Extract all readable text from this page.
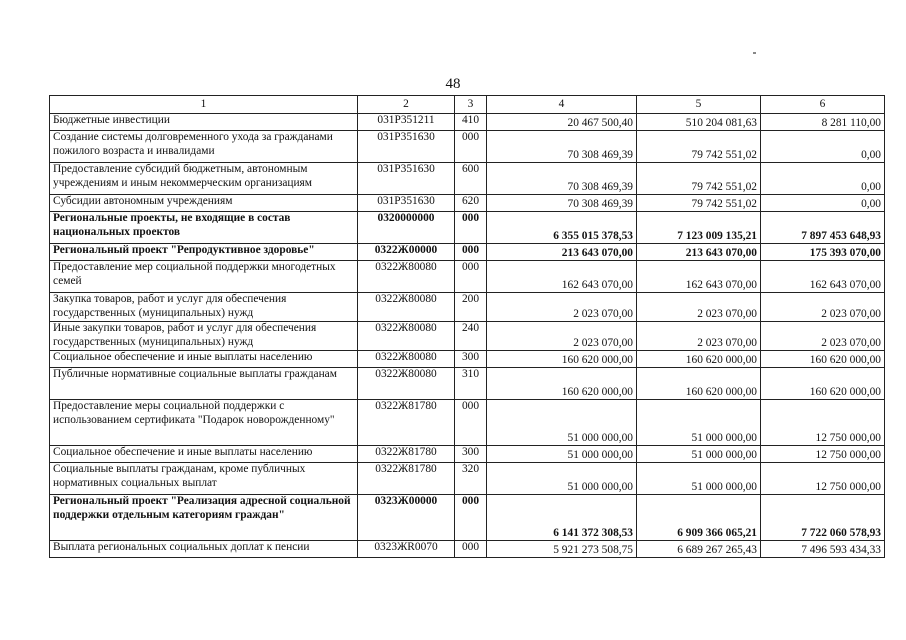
48
1	2	3	4	5	6
Бюджетные инвестиции	031Р351211	410	20 467 500,40	510 204 081,63	8 281 110,00
Создание системы долговременного ухода за гражданами пожилого возраста и инвалидами	031Р351630	000	70 308 469,39	79 742 551,02	0,00
Предоставление субсидий бюджетным, автономным учреждениям и иным некоммерческим организациям	031Р351630	600	70 308 469,39	79 742 551,02	0,00
Субсидии автономным учреждениям	031Р351630	620	70 308 469,39	79 742 551,02	0,00
Региональные проекты, не входящие в состав национальных проектов	0320000000	000	6 355 015 378,53	7 123 009 135,21	7 897 453 648,93
Региональный проект "Репродуктивное здоровье"	0322Ж00000	000	213 643 070,00	213 643 070,00	175 393 070,00
Предоставление мер социальной поддержки многодетных семей	0322Ж80080	000	162 643 070,00	162 643 070,00	162 643 070,00
Закупка товаров, работ и услуг для обеспечения государственных (муниципальных) нужд	0322Ж80080	200	2 023 070,00	2 023 070,00	2 023 070,00
Иные закупки товаров, работ и услуг для обеспечения государственных (муниципальных) нужд	0322Ж80080	240	2 023 070,00	2 023 070,00	2 023 070,00
Социальное обеспечение и иные выплаты населению	0322Ж80080	300	160 620 000,00	160 620 000,00	160 620 000,00
Публичные нормативные социальные выплаты гражданам	0322Ж80080	310	160 620 000,00	160 620 000,00	160 620 000,00
Предоставление меры социальной поддержки с использованием сертификата "Подарок новорожденному"	0322Ж81780	000	51 000 000,00	51 000 000,00	12 750 000,00
Социальное обеспечение и иные выплаты населению	0322Ж81780	300	51 000 000,00	51 000 000,00	12 750 000,00
Социальные выплаты гражданам, кроме публичных нормативных социальных выплат	0322Ж81780	320	51 000 000,00	51 000 000,00	12 750 000,00
Региональный проект "Реализация адресной социальной поддержки отдельным категориям граждан"	0323Ж00000	000	6 141 372 308,53	6 909 366 065,21	7 722 060 578,93
Выплата региональных социальных доплат к пенсии	0323ЖR0070	000	5 921 273 508,75	6 689 267 265,43	7 496 593 434,33
